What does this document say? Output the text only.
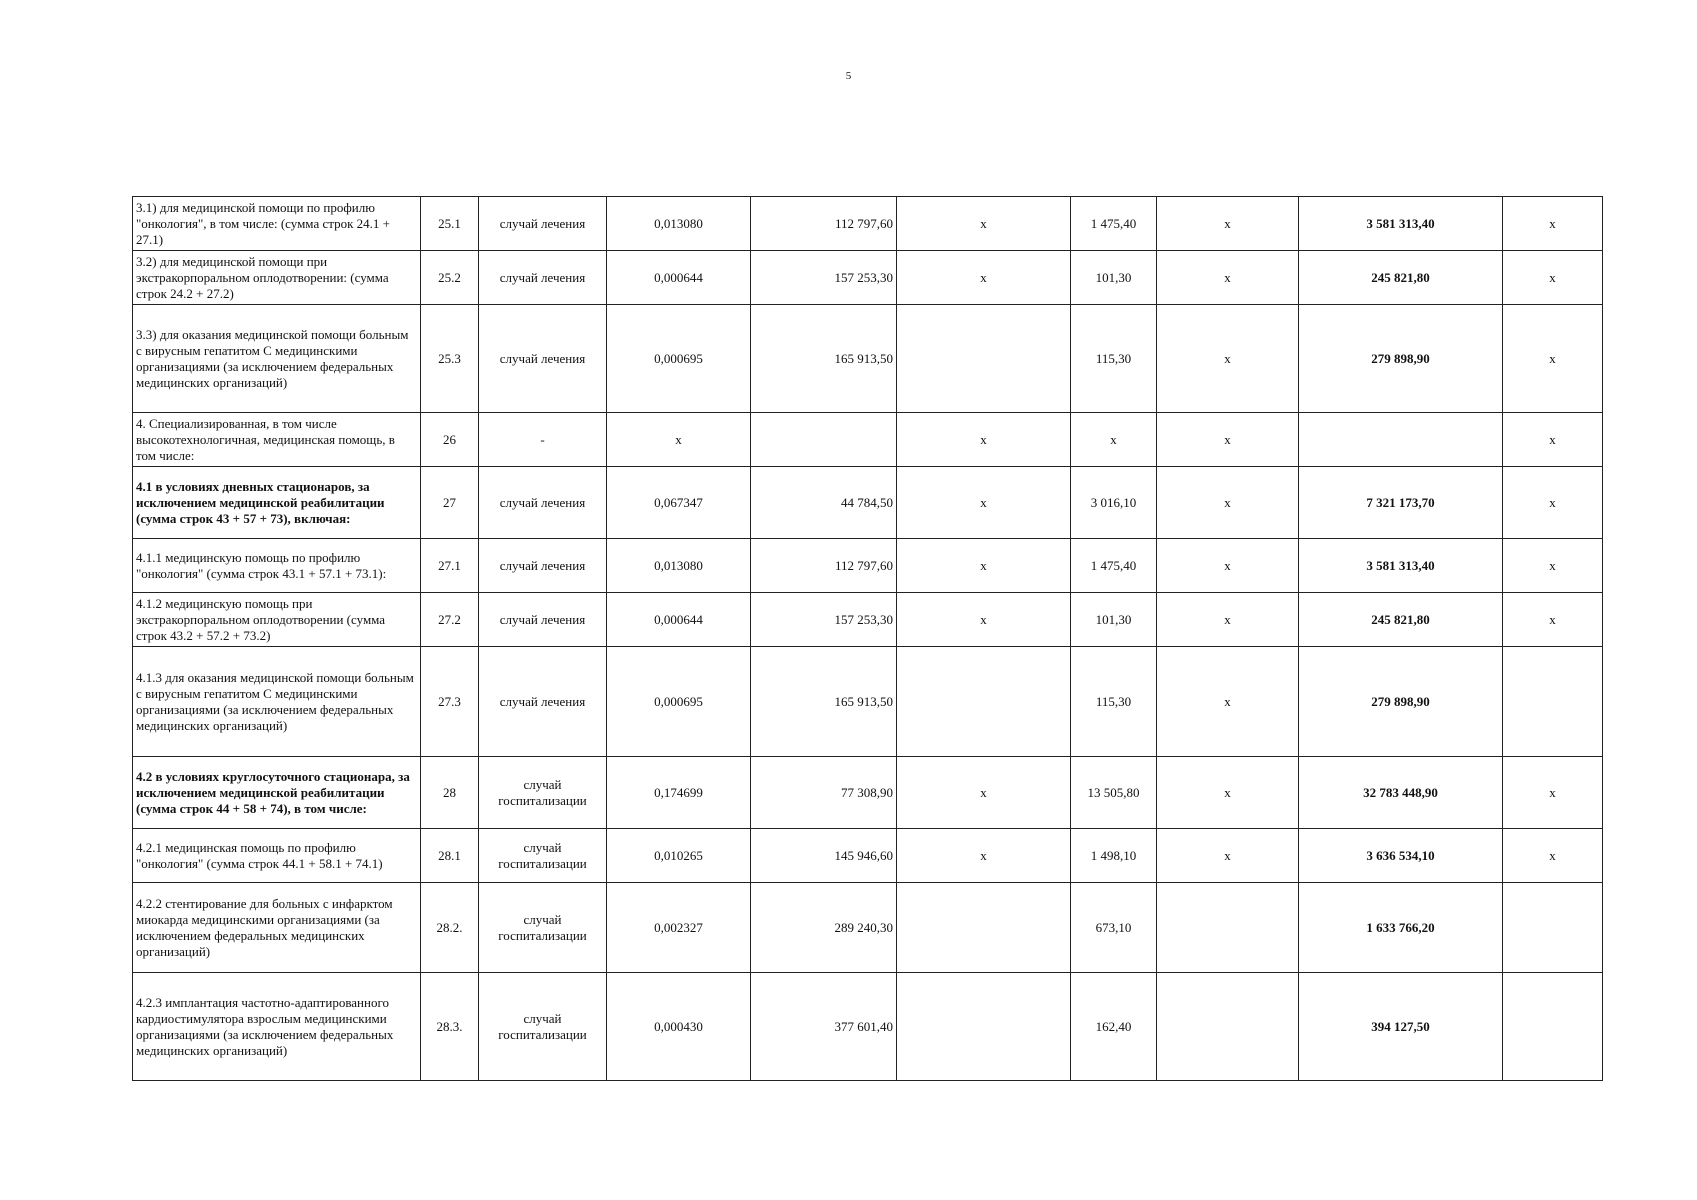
5
3.1) для медицинской помощи по профилю "онкология", в том числе: (сумма строк 24.1 + 27.1)	25.1	случай лечения	0,013080	112 797,60	х	1 475,40	х	3 581 313,40	х
3.2) для медицинской помощи при экстракорпоральном оплодотворении: (сумма строк 24.2 + 27.2)	25.2	случай лечения	0,000644	157 253,30	х	101,30	х	245 821,80	х
3.3) для оказания медицинской помощи больным с вирусным гепатитом С медицинскими организациями (за исключением федеральных медицинских организаций)	25.3	случай лечения	0,000695	165 913,50		115,30	х	279 898,90	х
4. Специализированная, в том числе высокотехнологичная, медицинская помощь, в том числе:	26	-	х		х	х	х		х
4.1 в условиях дневных стационаров, за исключением медицинской реабилитации (сумма строк 43 + 57 + 73), включая:	27	случай лечения	0,067347	44 784,50	х	3 016,10	х	7 321 173,70	х
4.1.1 медицинскую помощь по профилю "онкология" (сумма строк 43.1 + 57.1 + 73.1):	27.1	случай лечения	0,013080	112 797,60	х	1 475,40	х	3 581 313,40	х
4.1.2 медицинскую помощь при экстракорпоральном оплодотворении (сумма строк 43.2 + 57.2 + 73.2)	27.2	случай лечения	0,000644	157 253,30	х	101,30	х	245 821,80	х
4.1.3 для оказания медицинской помощи больным с вирусным гепатитом С медицинскими организациями (за исключением федеральных медицинских организаций)	27.3	случай лечения	0,000695	165 913,50		115,30	х	279 898,90	
4.2 в условиях круглосуточного стационара, за исключением медицинской реабилитации (сумма строк 44 + 58 + 74), в том числе:	28	случай госпитализации	0,174699	77 308,90	х	13 505,80	х	32 783 448,90	х
4.2.1 медицинская помощь по профилю "онкология" (сумма строк 44.1 + 58.1 + 74.1)	28.1	случай госпитализации	0,010265	145 946,60	х	1 498,10	х	3 636 534,10	х
4.2.2 стентирование для больных с инфарктом миокарда медицинскими организациями (за исключением федеральных медицинских организаций)	28.2.	случай госпитализации	0,002327	289 240,30		673,10		1 633 766,20	
4.2.3 имплантация частотно-адаптированного кардиостимулятора взрослым медицинскими организациями (за исключением федеральных медицинских организаций)	28.3.	случай госпитализации	0,000430	377 601,40		162,40		394 127,50	
